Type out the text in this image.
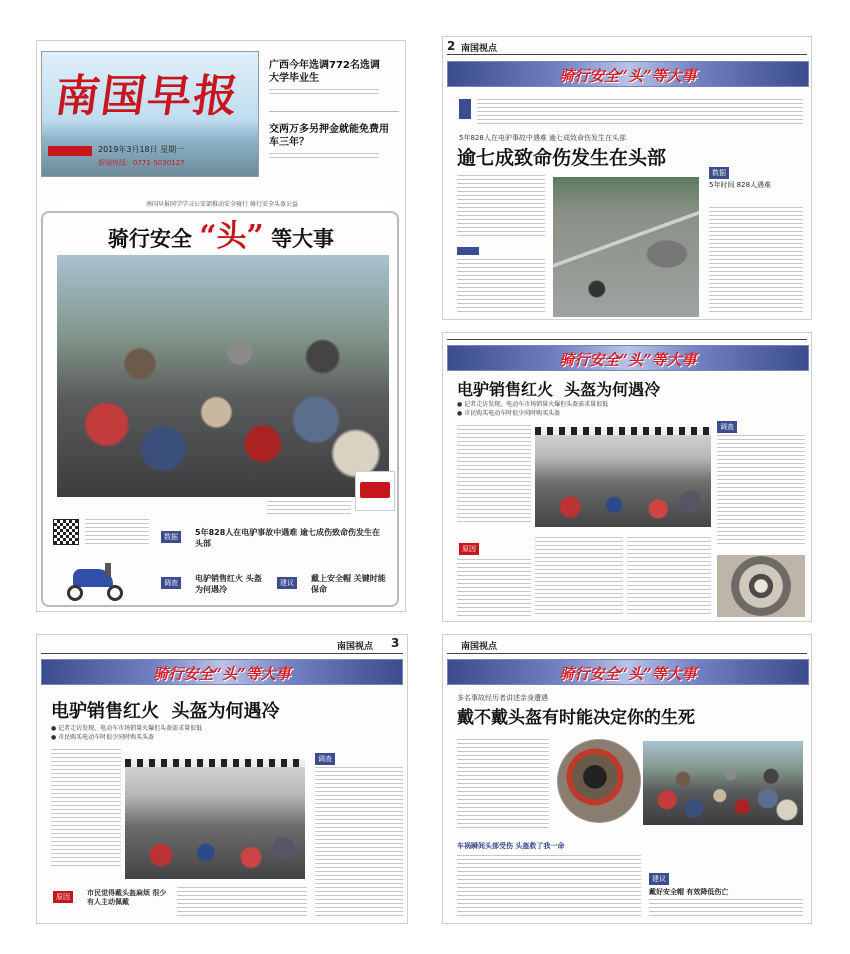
南国早报
2019年3月18日 星期一
新闻热线：0771-5030127
广西今年选调772名选调大学毕业生
交两万多另押金就能免费用车三年？
南国早报同学学习公安部推动安全骑行 骑行安全头盔公益
骑行安全 “头” 等大事
数据	5年828人在电驴事故中遇难 逾七成伤致命伤发生在头部
调查	电驴销售红火 头盔为何遇冷
建议	戴上安全帽 关键时能保命
2 南国视点
骑行安全“头”等大事
5年828人在电驴事故中遇难 逾七成致命伤发生在头部
逾七成致命伤发生在头部
数据
5年时间 828人遇难
骑行安全“头”等大事
电驴销售红火  头盔为何遇冷
● 记者走访发现，电动车市场销量火爆但头盔需求量很低
● 市民购买电动车时很少同时购买头盔
调查
原因
南国视点 3
骑行安全“头”等大事
电驴销售红火  头盔为何遇冷
● 记者走访发现，电动车市场销量火爆但头盔需求量很低
● 市民购买电动车时很少同时购买头盔
调查
原因	市民觉得戴头盔麻烦 很少有人主动佩戴
南国视点
骑行安全“头”等大事
多名事故经历者讲述亲身遭遇
戴不戴头盔有时能决定你的生死
车祸瞬间头部受伤 头盔救了我一命
建议
戴好安全帽 有效降低伤亡
